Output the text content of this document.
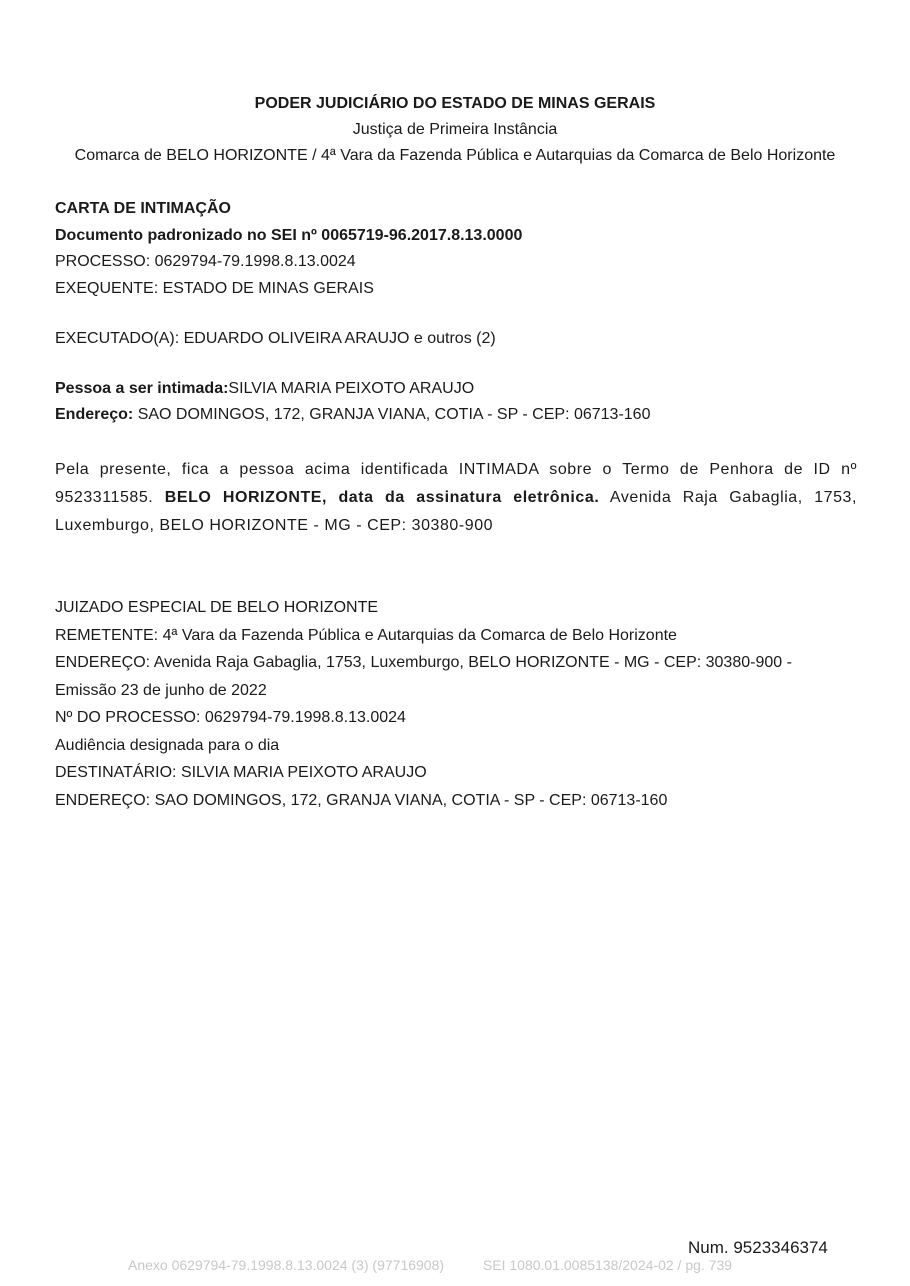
PODER JUDICIÁRIO DO ESTADO DE MINAS GERAIS
Justiça de Primeira Instância
Comarca de BELO HORIZONTE / 4ª Vara da Fazenda Pública e Autarquias da Comarca de Belo Horizonte
CARTA DE INTIMAÇÃO
Documento padronizado no SEI nº 0065719-96.2017.8.13.0000
PROCESSO: 0629794-79.1998.8.13.0024
EXEQUENTE: ESTADO DE MINAS GERAIS
EXECUTADO(A): EDUARDO OLIVEIRA ARAUJO e outros (2)
Pessoa a ser intimada:SILVIA MARIA PEIXOTO ARAUJO
Endereço: SAO DOMINGOS, 172, GRANJA VIANA, COTIA - SP - CEP: 06713-160
Pela presente, fica a pessoa acima identificada INTIMADA sobre o Termo de Penhora de ID nº 9523311585. BELO HORIZONTE, data da assinatura eletrônica. Avenida Raja Gabaglia, 1753, Luxemburgo, BELO HORIZONTE - MG - CEP: 30380-900
JUIZADO ESPECIAL DE BELO HORIZONTE
REMETENTE: 4ª Vara da Fazenda Pública e Autarquias da Comarca de Belo Horizonte
ENDEREÇO: Avenida Raja Gabaglia, 1753, Luxemburgo, BELO HORIZONTE - MG - CEP: 30380-900 -
Emissão 23 de junho de 2022
Nº DO PROCESSO: 0629794-79.1998.8.13.0024
Audiência designada para o dia
DESTINATÁRIO: SILVIA MARIA PEIXOTO ARAUJO
ENDEREÇO: SAO DOMINGOS, 172, GRANJA VIANA, COTIA - SP - CEP: 06713-160
Num. 9523346374
Anexo 0629794-79.1998.8.13.0024 (3) (97716908)          SEI 1080.01.0085138/2024-02 / pg. 739
